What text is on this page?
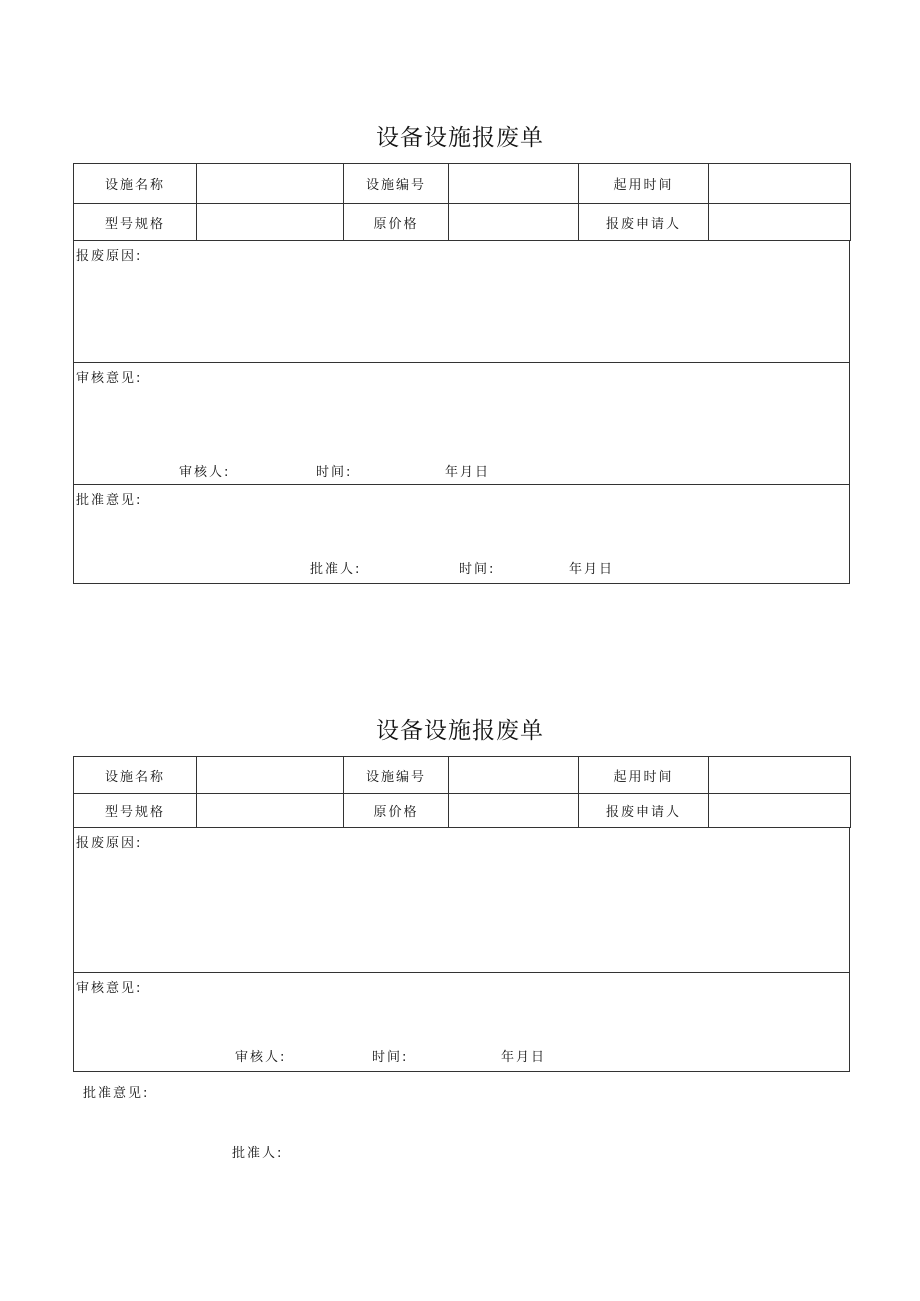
设备设施报废单
设施名称		设施编号		起用时间	
型号规格		原价格		报废申请人	
报废原因:
审核意见:
审核人:	时间:	年月日
批准意见:
批准人:	时间:	年月日
设备设施报废单
设施名称		设施编号		起用时间	
型号规格		原价格		报废申请人	
报废原因:
审核意见:
审核人:	时间:	年月日
批准意见:
批准人:
